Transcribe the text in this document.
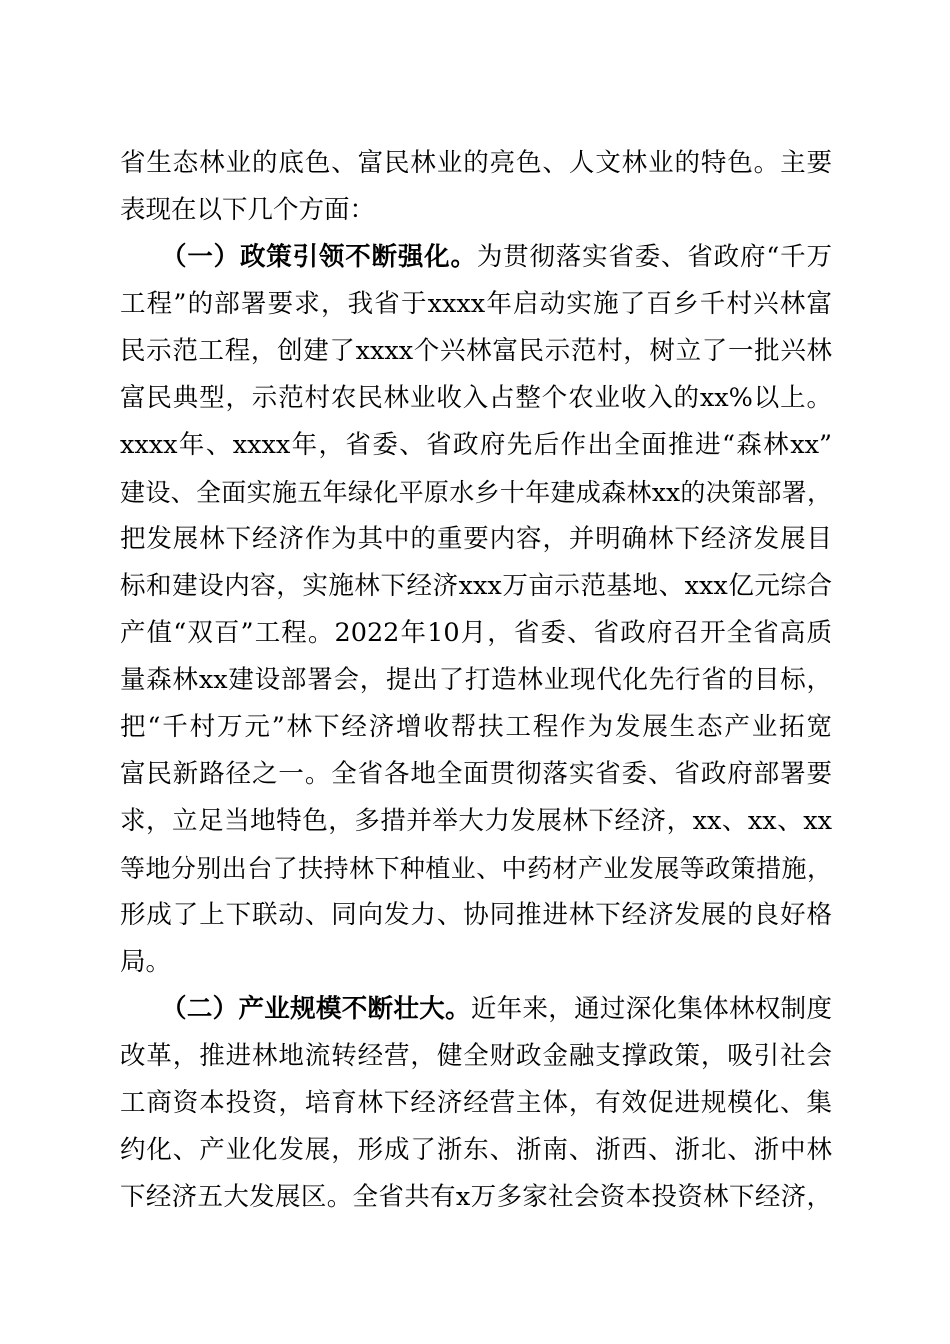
省生态林业的底色、富民林业的亮色、人文林业的特色。主要
表现在以下几个方面：
（一）政策引领不断强化。为贯彻落实省委、省政府“千万
工程”的部署要求，我省于xxxx年启动实施了百乡千村兴林富
民示范工程，创建了xxxx个兴林富民示范村，树立了一批兴林
富民典型，示范村农民林业收入占整个农业收入的xx%以上。
xxxx年、xxxx年，省委、省政府先后作出全面推进“森林xx”
建设、全面实施五年绿化平原水乡十年建成森林xx的决策部署，
把发展林下经济作为其中的重要内容，并明确林下经济发展目
标和建设内容，实施林下经济xxx万亩示范基地、xxx亿元综合
产值“双百”工程。2022年10月，省委、省政府召开全省高质
量森林xx建设部署会，提出了打造林业现代化先行省的目标，
把“千村万元”林下经济增收帮扶工程作为发展生态产业拓宽
富民新路径之一。全省各地全面贯彻落实省委、省政府部署要
求，立足当地特色，多措并举大力发展林下经济，xx、xx、xx
等地分别出台了扶持林下种植业、中药材产业发展等政策措施，
形成了上下联动、同向发力、协同推进林下经济发展的良好格
局。
（二）产业规模不断壮大。近年来，通过深化集体林权制度
改革，推进林地流转经营，健全财政金融支撑政策，吸引社会
工商资本投资，培育林下经济经营主体，有效促进规模化、集
约化、产业化发展，形成了浙东、浙南、浙西、浙北、浙中林
下经济五大发展区。全省共有x万多家社会资本投资林下经济，
